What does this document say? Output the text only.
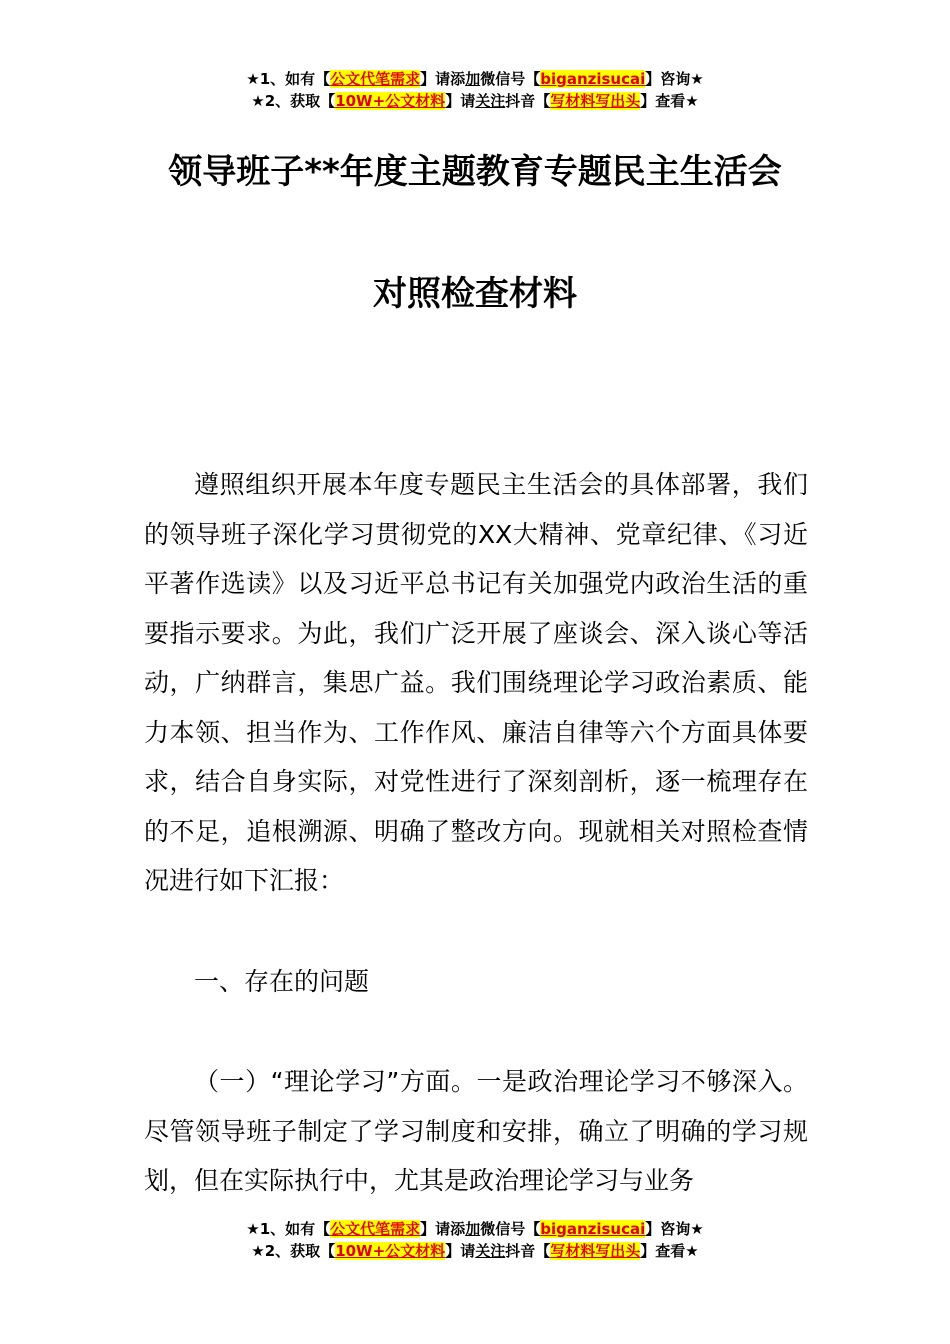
★1、如有【公文代笔需求】请添加微信号【biganzisucai】咨询★
★2、获取【10W+公文材料】请关注抖音【写材料写出头】查看★
领导班子**年度主题教育专题民主生活会
对照检查材料

遵照组织开展本年度专题民主生活会的具体部署，我们的领导班子深化学习贯彻党的XX大精神、党章纪律、《习近平著作选读》以及习近平总书记有关加强党内政治生活的重要指示要求。为此，我们广泛开展了座谈会、深入谈心等活动，广纳群言，集思广益。我们围绕理论学习政治素质、能力本领、担当作为、工作作风、廉洁自律等六个方面具体要求，结合自身实际，对党性进行了深刻剖析，逐一梳理存在的不足，追根溯源、明确了整改方向。现就相关对照检查情况进行如下汇报：

一、存在的问题

（一）“理论学习”方面。一是政治理论学习不够深入。尽管领导班子制定了学习制度和安排，确立了明确的学习规划，但在实际执行中，尤其是政治理论学习与业务

★1、如有【公文代笔需求】请添加微信号【biganzisucai】咨询★
★2、获取【10W+公文材料】请关注抖音【写材料写出头】查看★
